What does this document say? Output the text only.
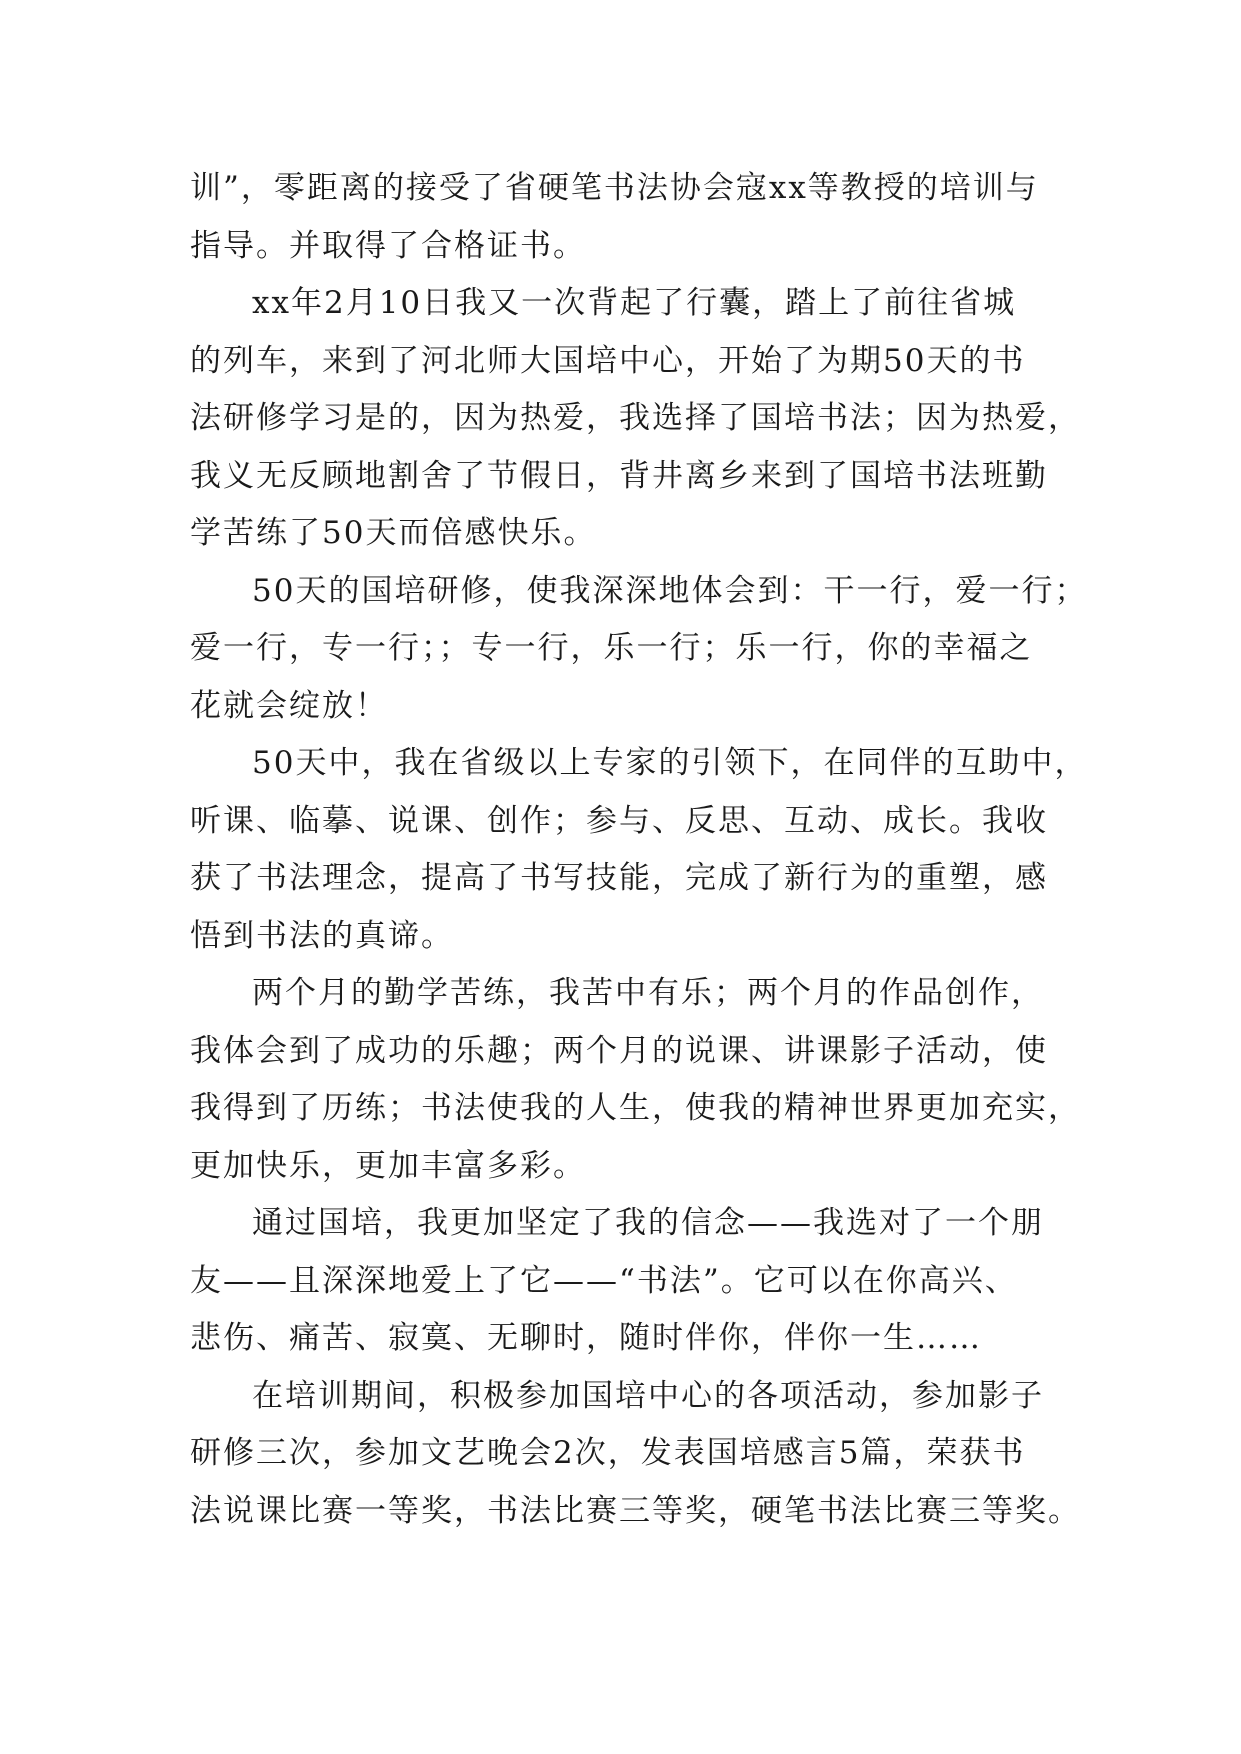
训”，零距离的接受了省硬笔书法协会寇xx等教授的培训与
指导。并取得了合格证书。
xx年2月10日我又一次背起了行囊，踏上了前往省城
的列车，来到了河北师大国培中心，开始了为期50天的书
法研修学习是的，因为热爱，我选择了国培书法；因为热爱，
我义无反顾地割舍了节假日，背井离乡来到了国培书法班勤
学苦练了50天而倍感快乐。
50天的国培研修，使我深深地体会到：干一行，爱一行；
爱一行，专一行；；专一行，乐一行；乐一行，你的幸福之
花就会绽放！
50天中，我在省级以上专家的引领下，在同伴的互助中，
听课、临摹、说课、创作；参与、反思、互动、成长。我收
获了书法理念，提高了书写技能，完成了新行为的重塑，感
悟到书法的真谛。
两个月的勤学苦练，我苦中有乐；两个月的作品创作，
我体会到了成功的乐趣；两个月的说课、讲课影子活动，使
我得到了历练；书法使我的人生，使我的精神世界更加充实，
更加快乐，更加丰富多彩。
通过国培，我更加坚定了我的信念——我选对了一个朋
友——且深深地爱上了它——“书法”。它可以在你高兴、
悲伤、痛苦、寂寞、无聊时，随时伴你，伴你一生……
在培训期间，积极参加国培中心的各项活动，参加影子
研修三次，参加文艺晚会2次，发表国培感言5篇，荣获书
法说课比赛一等奖，书法比赛三等奖，硬笔书法比赛三等奖。
